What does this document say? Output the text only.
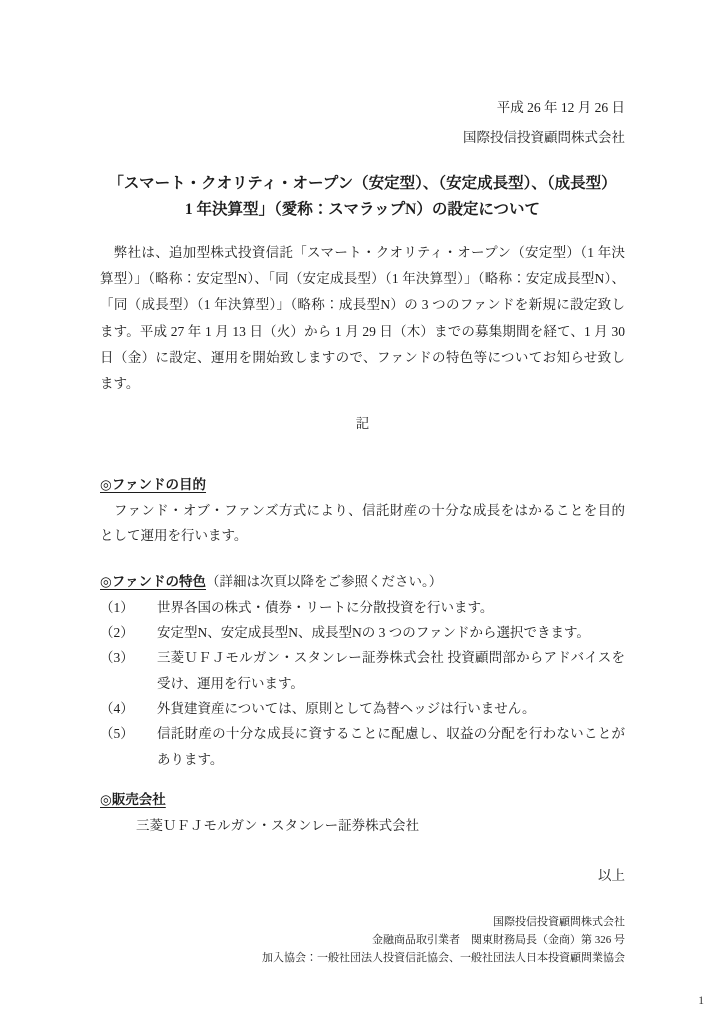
平成 26 年 12 月 26 日
国際投信投資顧問株式会社
「スマート・クオリティ・オープン（安定型）、（安定成長型）、（成長型）
1 年決算型」（愛称：スマラップN）の設定について

　弊社は、追加型株式投資信託「スマート・クオリティ・オープン（安定型）（1 年決算型）」（略称：安定型N）、「同（安定成長型）（1 年決算型）」（略称：安定成長型N）、「同（成長型）（1 年決算型）」（略称：成長型N）の 3 つのファンドを新規に設定致します。平成 27 年 1 月 13 日（火）から 1 月 29 日（木）までの募集期間を経て、1 月 30 日（金）に設定、運用を開始致しますので、ファンドの特色等についてお知らせ致します。

記
◎ファンドの目的

　ファンド・オブ・ファンズ方式により、信託財産の十分な成長をはかることを目的として運用を行います。

◎ファンドの特色（詳細は次頁以降をご参照ください。）
（1）	世界各国の株式・債券・リートに分散投資を行います。
（2）	安定型N、安定成長型N、成長型Nの 3 つのファンドから選択できます。
（3）	三菱ＵＦＪモルガン・スタンレー証券株式会社 投資顧問部からアドバイスを受け、運用を行います。
（4）	外貨建資産については、原則として為替ヘッジは行いません。
（5）	信託財産の十分な成長に資することに配慮し、収益の分配を行わないことがあります。
◎販売会社

三菱ＵＦＪモルガン・スタンレー証券株式会社

以上
国際投信投資顧問株式会社
金融商品取引業者　関東財務局長（金商）第 326 号
加入協会：一般社団法人投資信託協会、一般社団法人日本投資顧問業協会
1
